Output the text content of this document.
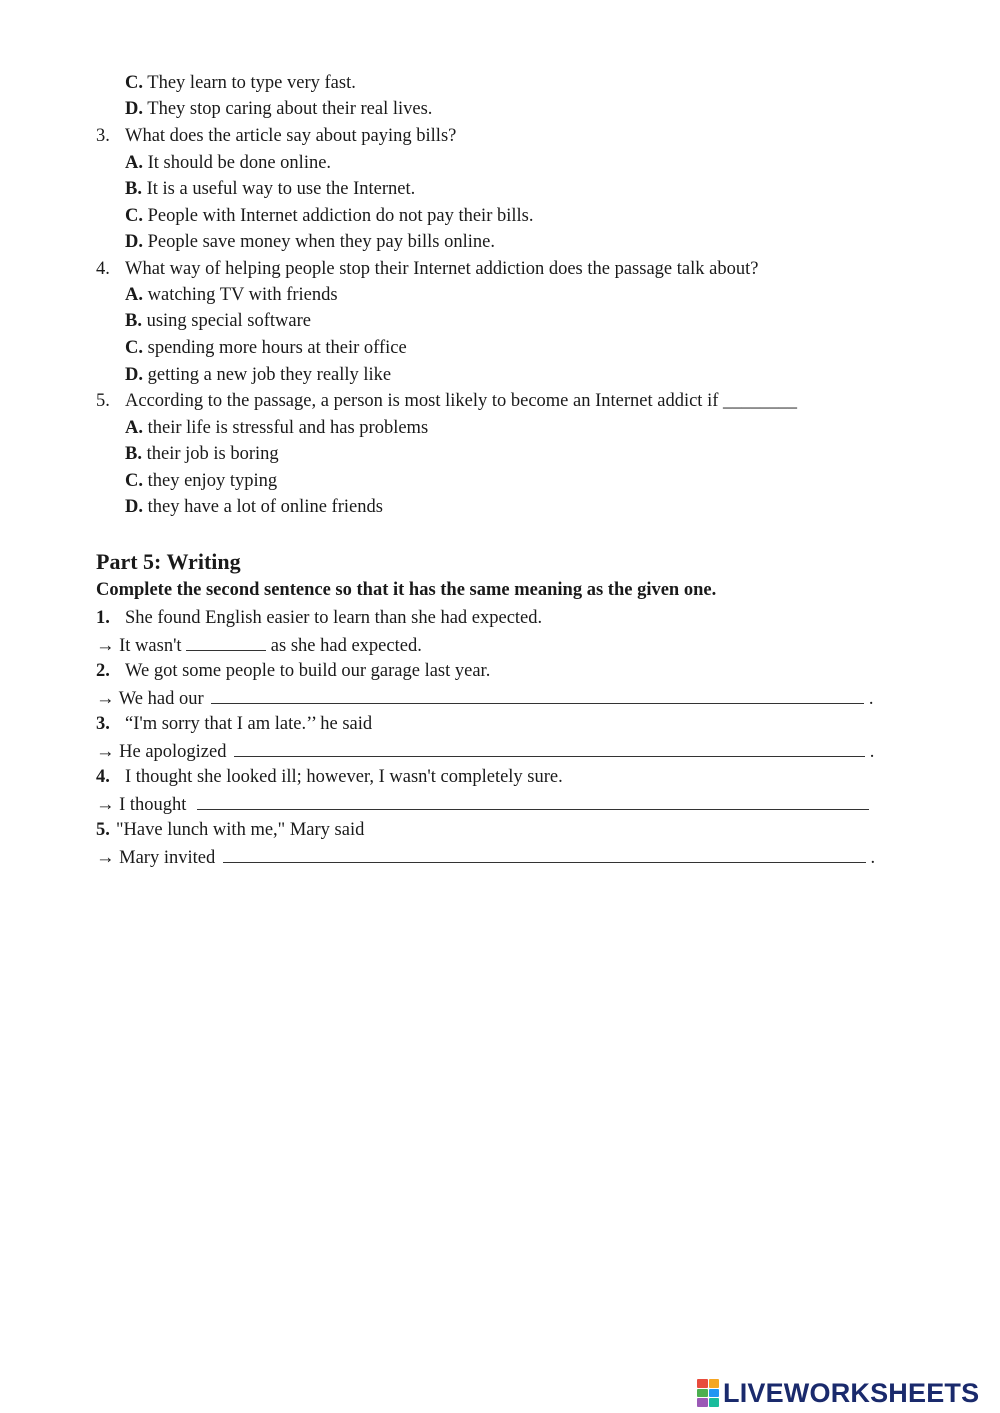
C. They learn to type very fast.
D. They stop caring about their real lives.
3. What does the article say about paying bills?
A. It should be done online.
B. It is a useful way to use the Internet.
C. People with Internet addiction do not pay their bills.
D. People save money when they pay bills online.
4. What way of helping people stop their Internet addiction does the passage talk about?
A. watching TV with friends
B. using special software
C. spending more hours at their office
D. getting a new job they really like
5. According to the passage, a person is most likely to become an Internet addict if ________
A. their life is stressful and has problems
B. their job is boring
C. they enjoy typing
D. they have a lot of online friends
Part 5: Writing
Complete the second sentence so that it has the same meaning as the given one.
1. She found English easier to learn than she had expected.
→ It wasn't	as she had expected.
2. We got some people to build our garage last year.
→ We had our	.
3. “I'm sorry that I am late.’’ he said
→ He apologized	.
4. I thought she looked ill; however, I wasn't completely sure.
→ I thought
5. "Have lunch with me," Mary said
→ Mary invited	.
LIVEWORKSHEETS
